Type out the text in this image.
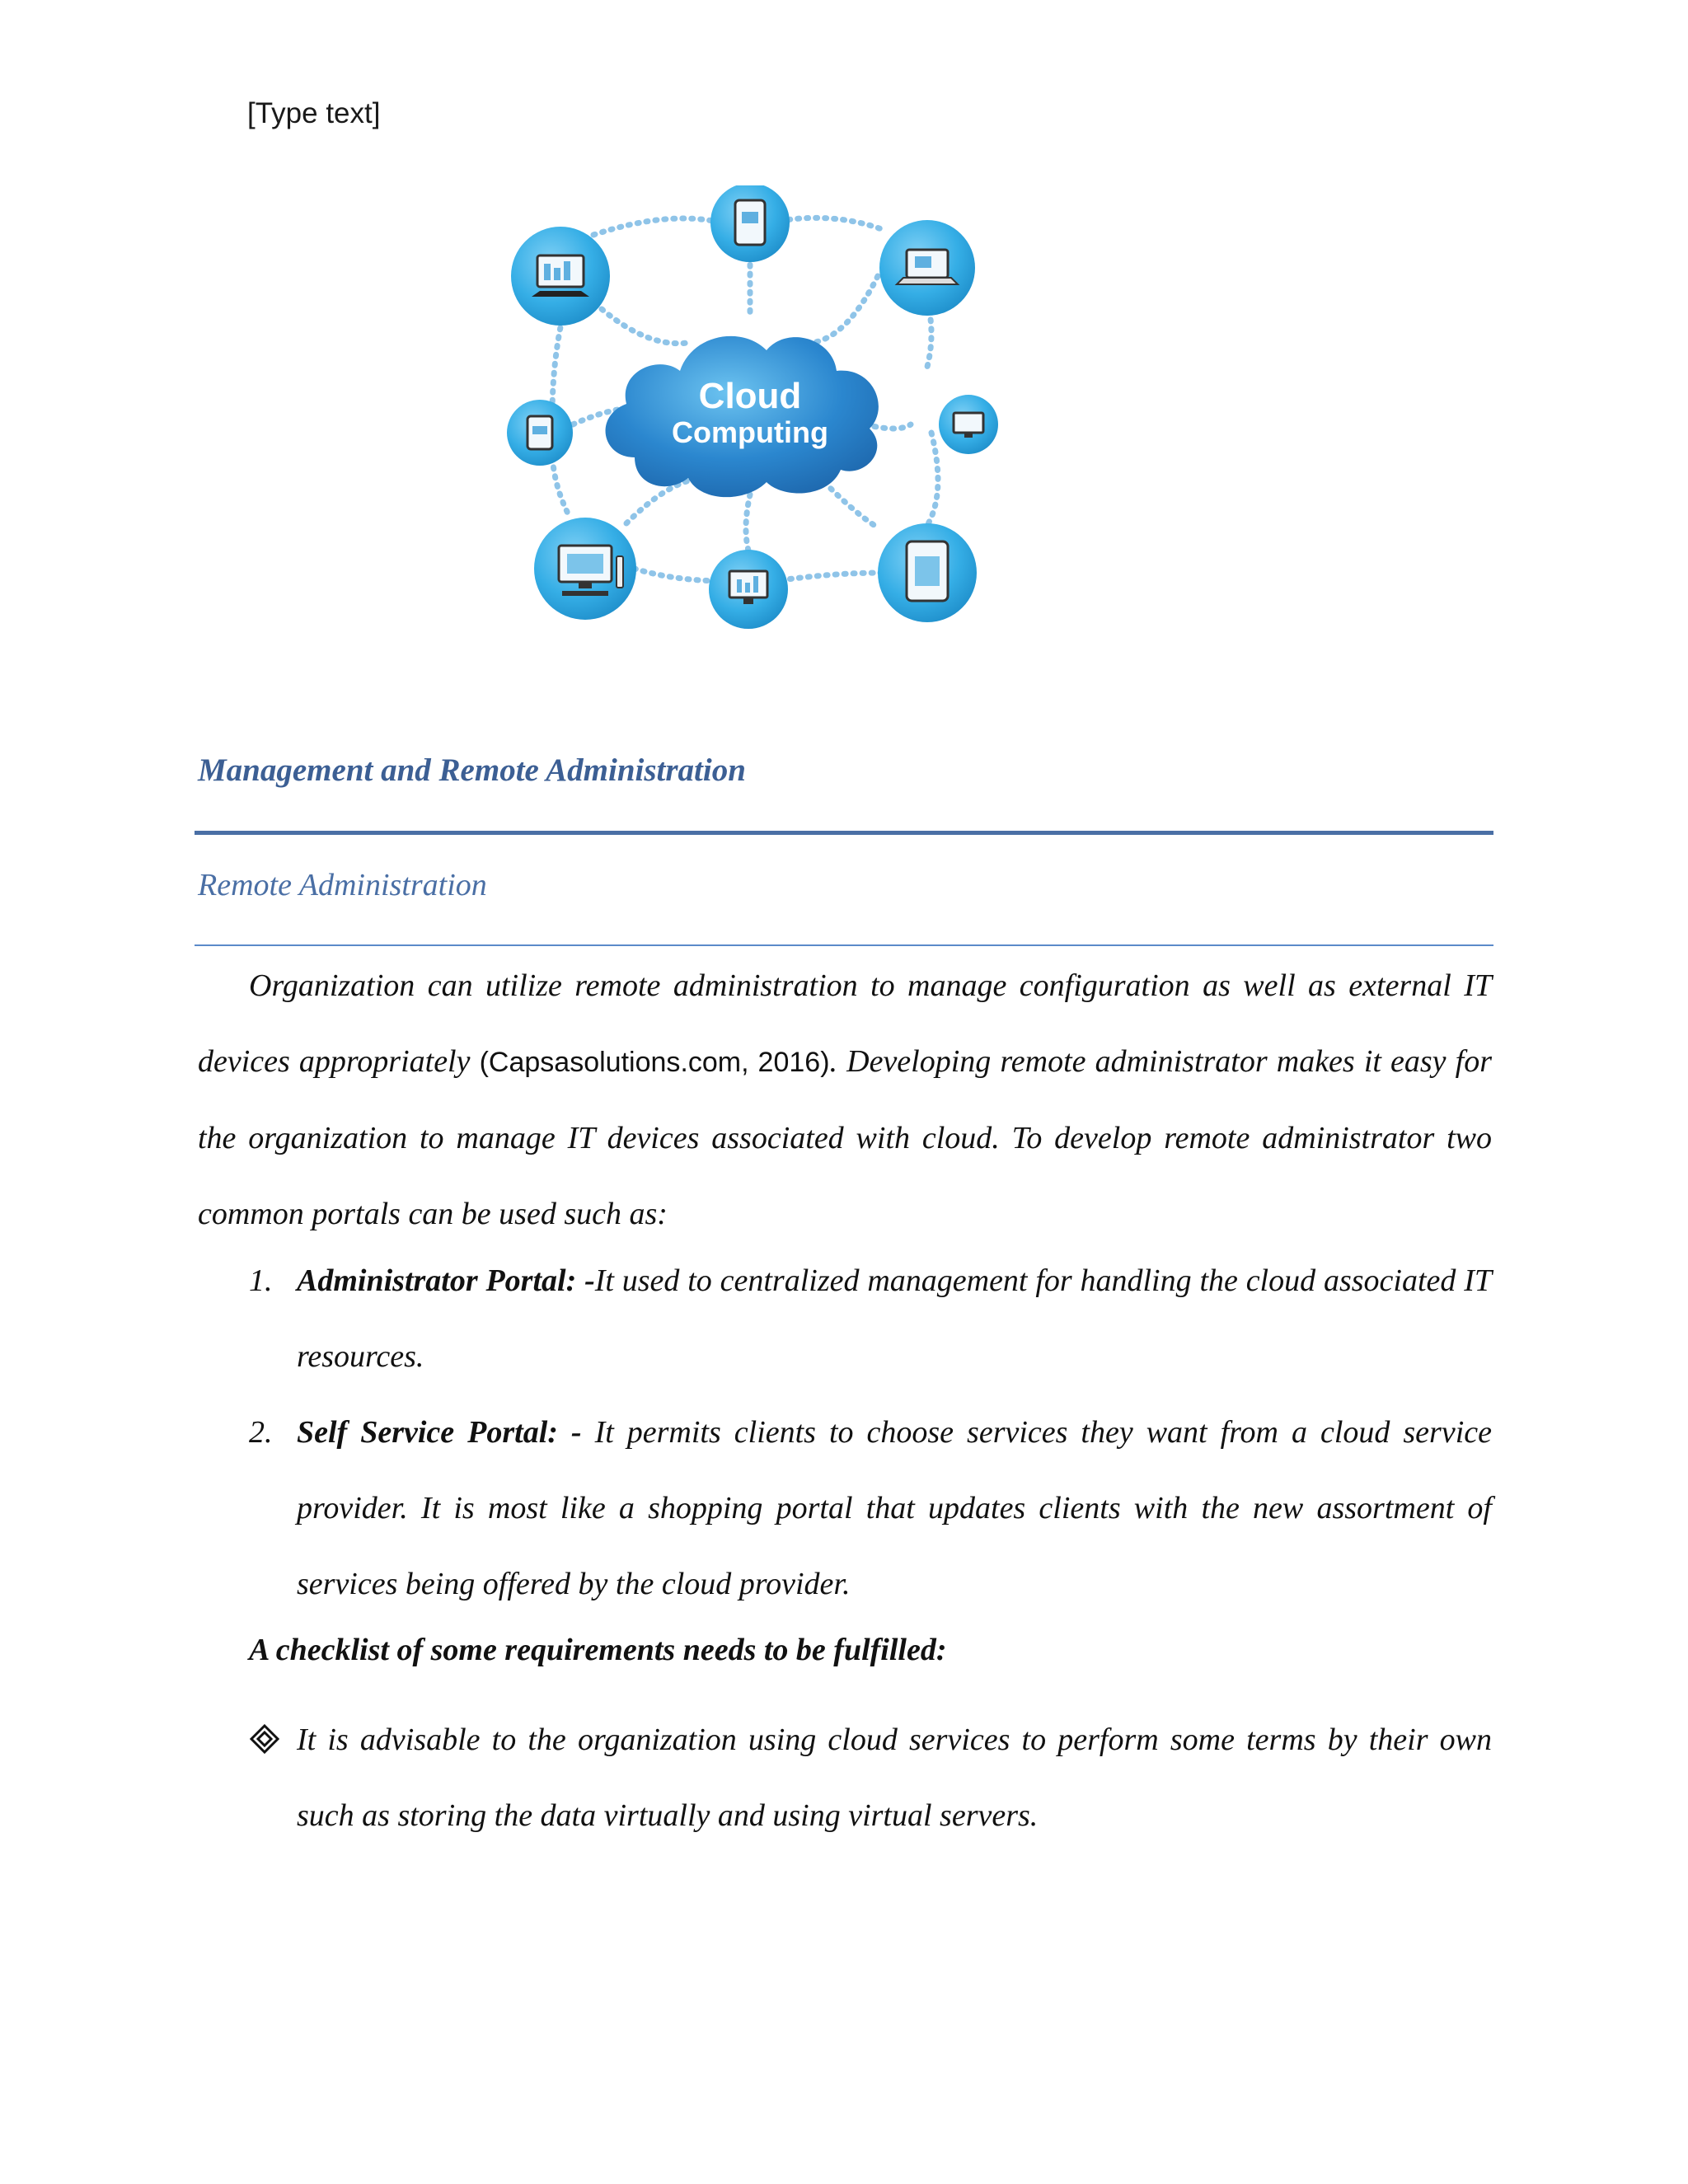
[Type text]
Cloud
Computing
Management and Remote Administration
Remote Administration
Organization can utilize remote administration to manage configuration as well as external IT devices appropriately (Capsasolutions.com, 2016). Developing remote administrator makes it easy for the organization to manage IT devices associated with cloud. To develop remote administrator two common portals can be used such as:
1. Administrator Portal: -It used to centralized management for handling the cloud associated IT resources.
2. Self Service Portal: - It permits clients to choose services they want from a cloud service provider. It is most like a shopping portal that updates clients with the new assortment of services being offered by the cloud provider.
A checklist of some requirements needs to be fulfilled:
It is advisable to the organization using cloud services to perform some terms by their own such as storing the data virtually and using virtual servers.
